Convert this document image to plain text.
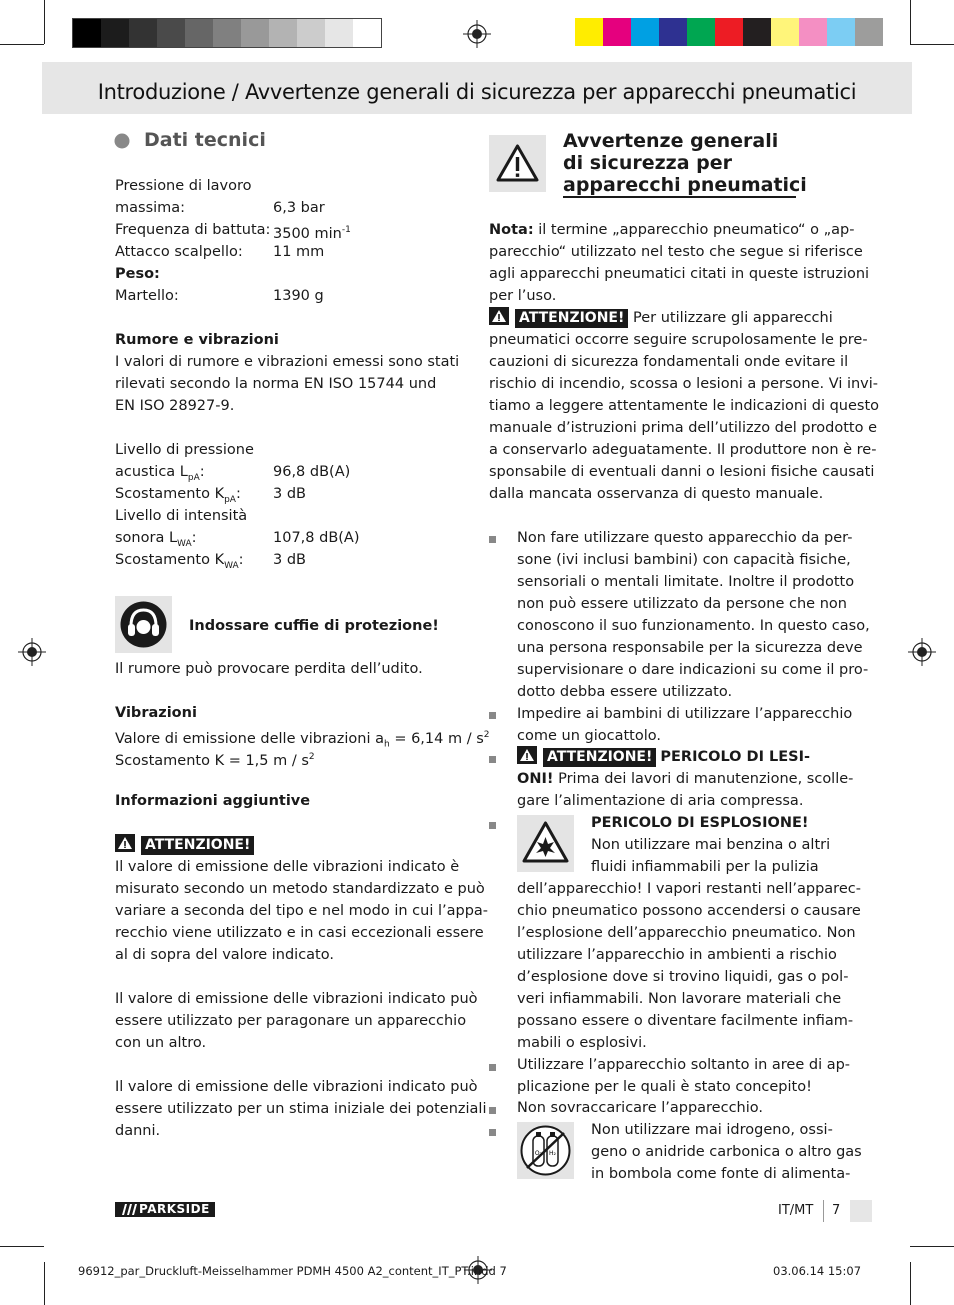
Introduzione / Avvertenze generali di sicurezza per apparecchi pneumatici
Dati tecnici
Pressione di lavoro
massima:	6,3 bar
Frequenza di battuta: 3500 $\min^{-1}$
Attacco scalpello: 11 mm
Peso:
Martello:	1390 g
Rumore e vibrazioni
I valori di rumore e vibrazioni emessi sono stati
rilevati secondo la norma EN ISO 15744 und
EN ISO 28927-9.
Livello di pressione
acustica $L_{pA}$:	96,8 dB(A)
Scostamento $K_{pA}$: 3 dB
Livello di intensità
sonora $L_{WA}$:	107,8 dB(A)
Scostamento $K_{WA}$: 3 dB
Indossare cuffie di protezione!
Il rumore può provocare perdita dell’udito.
Vibrazioni
Valore di emissione delle vibrazioni $a_h = 6,14$ m / $s^2$
Scostamento K = 1,5 m / $s^2$
Informazioni aggiuntive
ATTENZIONE!
Il valore di emissione delle vibrazioni indicato è
misurato secondo un metodo standardizzato e può
variare a seconda del tipo e nel modo in cui l’appa-
recchio viene utilizzato e in casi eccezionali essere
al di sopra del valore indicato.
Il valore di emissione delle vibrazioni indicato può
essere utilizzato per paragonare un apparecchio
con un altro.
Il valore di emissione delle vibrazioni indicato può
essere utilizzato per un stima iniziale dei potenziali
danni.
Avvertenze generali
di sicurezza per
apparecchi pneumatici
Nota: il termine „apparecchio pneumatico“ o „ap-
parecchio“ utilizzato nel testo che segue si riferisce
agli apparecchi pneumatici citati in queste istruzioni
per l’uso.
ATTENZIONE! Per utilizzare gli apparecchi
pneumatici occorre seguire scrupolosamente le pre-
cauzioni di sicurezza fondamentali onde evitare il
rischio di incendio, scossa o lesioni a persone. Vi invi-
tiamo a leggere attentamente le indicazioni di questo
manuale d’istruzioni prima dell’utilizzo del prodotto e
a conservarlo adeguatamente. Il produttore non è re-
sponsabile di eventuali danni o lesioni fisiche causati
dalla mancata osservanza di questo manuale.
Non fare utilizzare questo apparecchio da per-
sone (ivi inclusi bambini) con capacità fisiche,
sensoriali o mentali limitate. Inoltre il prodotto
non può essere utilizzato da persone che non
conoscono il suo funzionamento. In questo caso,
una persona responsabile per la sicurezza deve
supervisionare o dare indicazioni su come il pro-
dotto debba essere utilizzato.
Impedire ai bambini di utilizzare l’apparecchio
come un giocattolo.
ATTENZIONE! PERICOLO DI LESI-
ONI! Prima dei lavori di manutenzione, scolle-
gare l’alimentazione di aria compressa.
PERICOLO DI ESPLOSIONE!
Non utilizzare mai benzina o altri
fluidi infiammabili per la pulizia
dell’apparecchio! I vapori restanti nell’apparec-
chio pneumatico possono accendersi o causare
l’esplosione dell’apparecchio pneumatico. Non
utilizzare l’apparecchio in ambienti a rischio
d’esplosione dove si trovino liquidi, gas o pol-
veri infiammabili. Non lavorare materiali che
possano essere o diventare facilmente infiam-
mabili o esplosivi.
Utilizzare l’apparecchio soltanto in aree di ap-
plicazione per le quali è stato concepito!
Non sovraccaricare l’apparecchio.
O₂ H₂
Non utilizzare mai idrogeno, ossi-
geno o anidride carbonica o altro gas
in bombola come fonte di alimenta-
PARKSIDE	IT/MT 7
96912_par_Druckluft-Meisselhammer PDMH 4500 A2_content_IT_PT.indd 7	03.06.14 15:07
